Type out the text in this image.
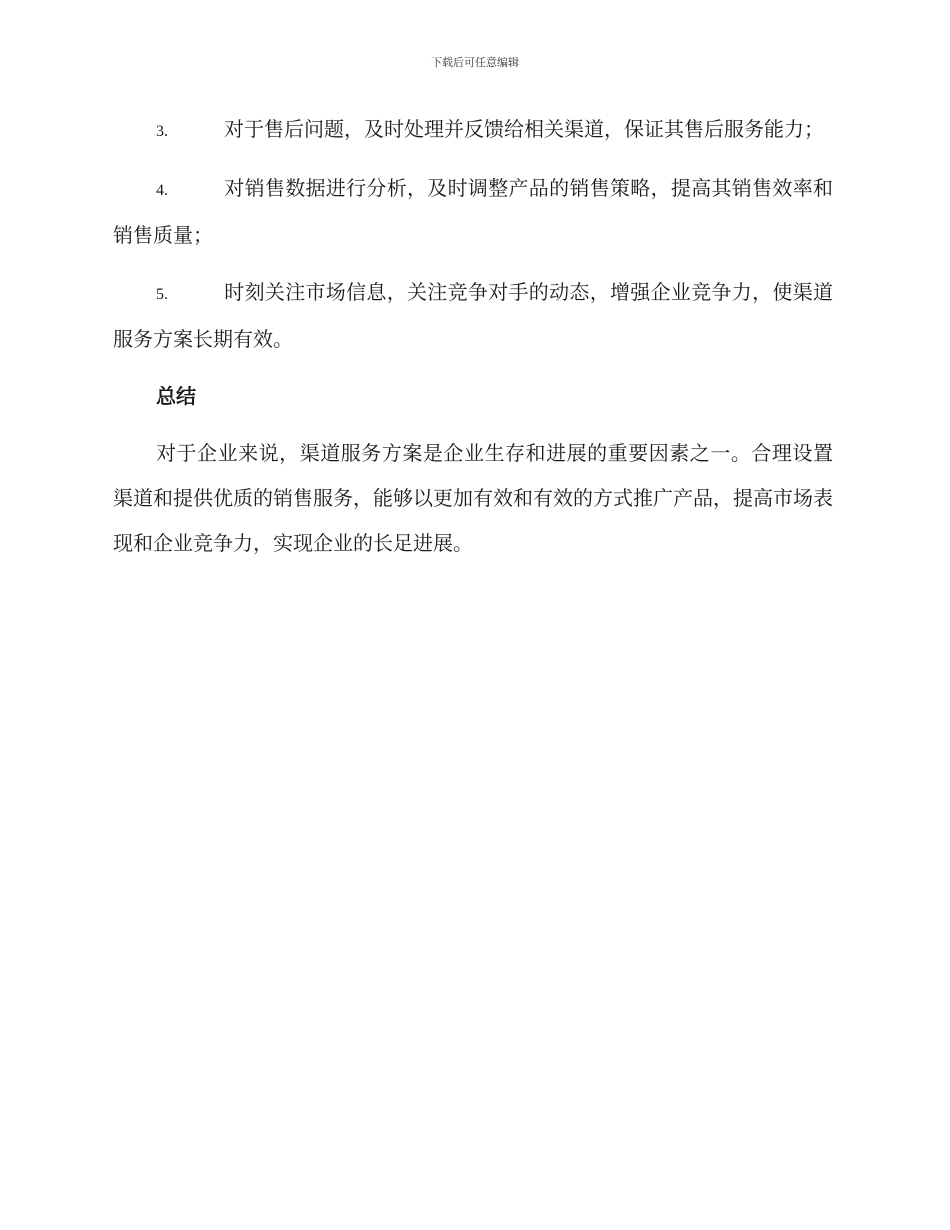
下载后可任意编辑

3.	对于售后问题，及时处理并反馈给相关渠道，保证其售后服务能力；

4.	对销售数据进行分析，及时调整产品的销售策略，提高其销售效率和销售质量；

5.	时刻关注市场信息，关注竞争对手的动态，增强企业竞争力，使渠道服务方案长期有效。

总结

对于企业来说，渠道服务方案是企业生存和进展的重要因素之一。合理设置渠道和提供优质的销售服务，能够以更加有效和有效的方式推广产品，提高市场表现和企业竞争力，实现企业的长足进展。
